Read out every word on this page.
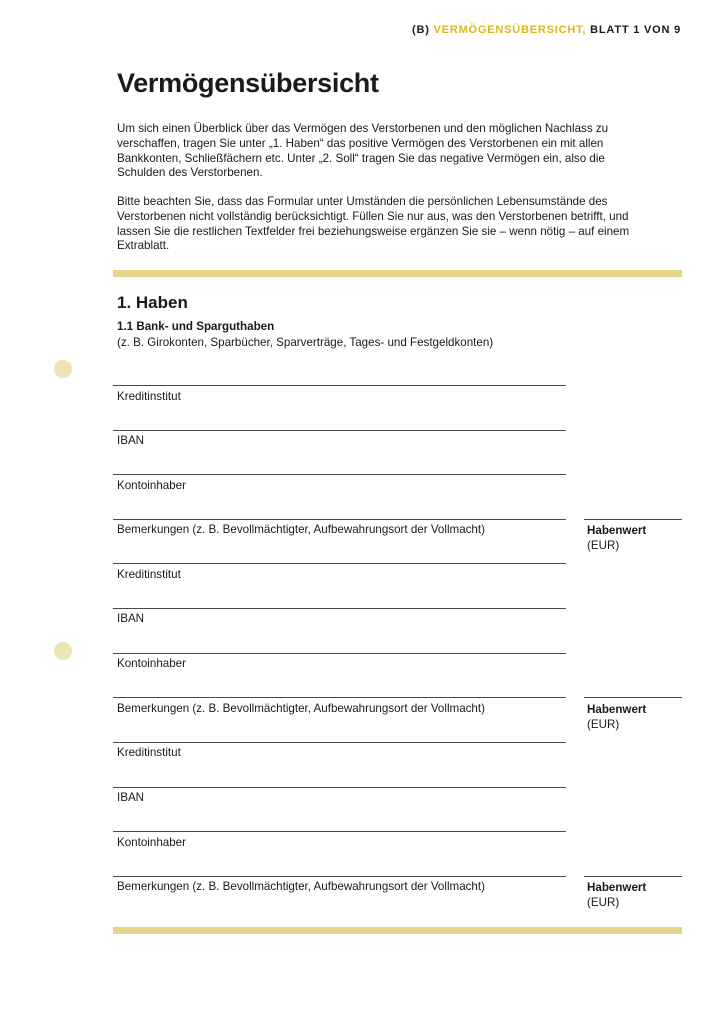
(B) VERMÖGENSÜBERSICHT, BLATT 1 VON 9
Vermögensübersicht
Um sich einen Überblick über das Vermögen des Verstorbenen und den möglichen Nachlass zu verschaffen, tragen Sie unter „1. Haben“ das positive Vermögen des Verstorbenen ein mit allen Bankkonten, Schließfächern etc. Unter „2. Soll“ tragen Sie das negative Vermögen ein, also die Schulden des Verstorbenen.
Bitte beachten Sie, dass das Formular unter Umständen die persönlichen Lebensumstände des Verstorbenen nicht vollständig berücksichtigt. Füllen Sie nur aus, was den Verstorbenen betrifft, und lassen Sie die restlichen Textfelder frei beziehungsweise ergänzen Sie sie – wenn nötig – auf einem Extrablatt.
1. Haben
1.1 Bank- und Sparguthaben
(z. B. Girokonten, Sparbücher, Sparverträge, Tages- und Festgeldkonten)
Kreditinstitut
IBAN
Kontoinhaber
Bemerkungen (z. B. Bevollmächtigter, Aufbewahrungsort der Vollmacht)	Habenwert
(EUR)
Kreditinstitut
IBAN
Kontoinhaber
Bemerkungen (z. B. Bevollmächtigter, Aufbewahrungsort der Vollmacht)	Habenwert
(EUR)
Kreditinstitut
IBAN
Kontoinhaber
Bemerkungen (z. B. Bevollmächtigter, Aufbewahrungsort der Vollmacht)	Habenwert
(EUR)
